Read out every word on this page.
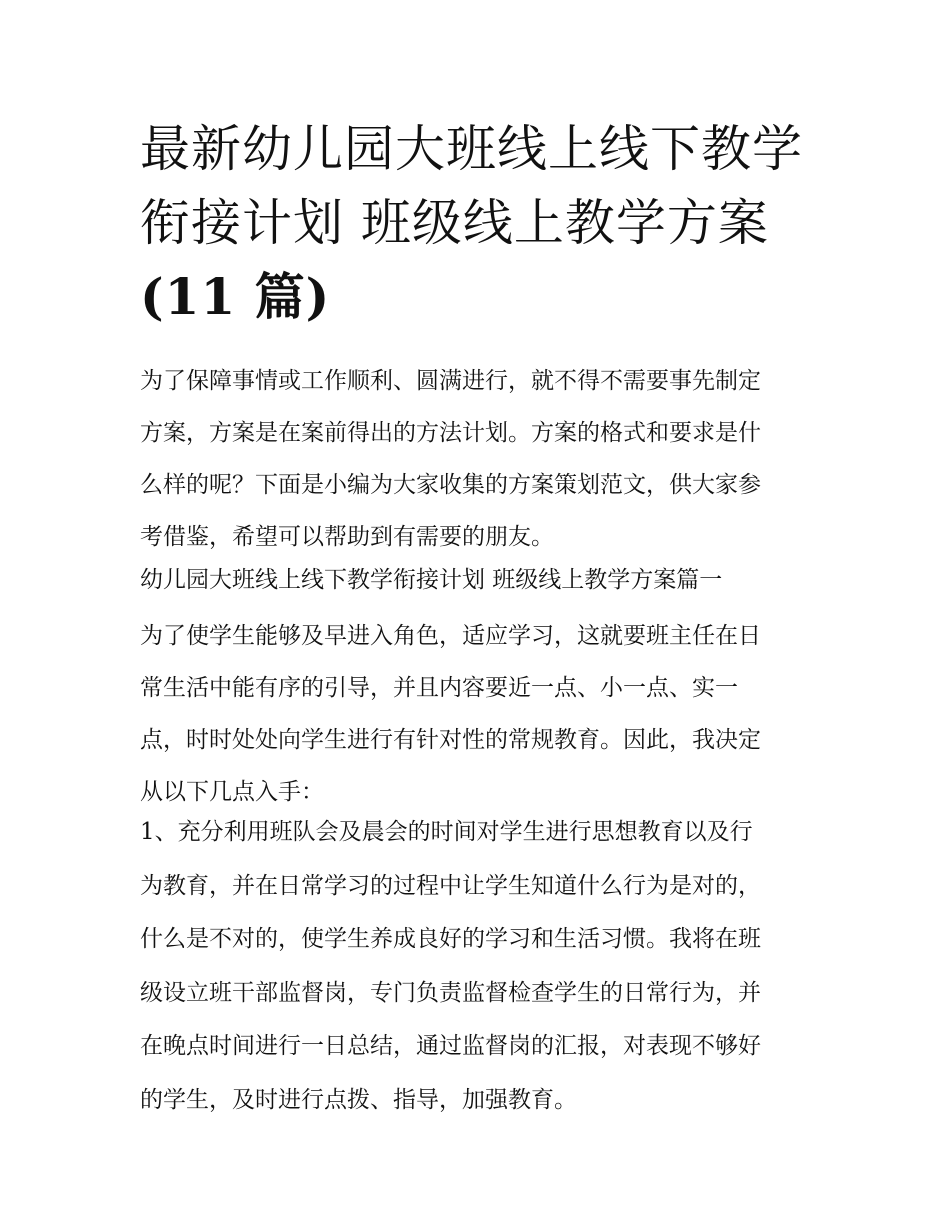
最新幼儿园大班线上线下教学
衔接计划 班级线上教学方案
(11 篇)

为了保障事情或工作顺利、圆满进行，就不得不需要事先制定
方案，方案是在案前得出的方法计划。方案的格式和要求是什
么样的呢？下面是小编为大家收集的方案策划范文，供大家参
考借鉴，希望可以帮助到有需要的朋友。

幼儿园大班线上线下教学衔接计划 班级线上教学方案篇一

为了使学生能够及早进入角色，适应学习，这就要班主任在日
常生活中能有序的引导，并且内容要近一点、小一点、实一
点，时时处处向学生进行有针对性的常规教育。因此，我决定
从以下几点入手：

1、充分利用班队会及晨会的时间对学生进行思想教育以及行
为教育，并在日常学习的过程中让学生知道什么行为是对的，
什么是不对的，使学生养成良好的学习和生活习惯。我将在班
级设立班干部监督岗，专门负责监督检查学生的日常行为，并
在晚点时间进行一日总结，通过监督岗的汇报，对表现不够好
的学生，及时进行点拨、指导，加强教育。
